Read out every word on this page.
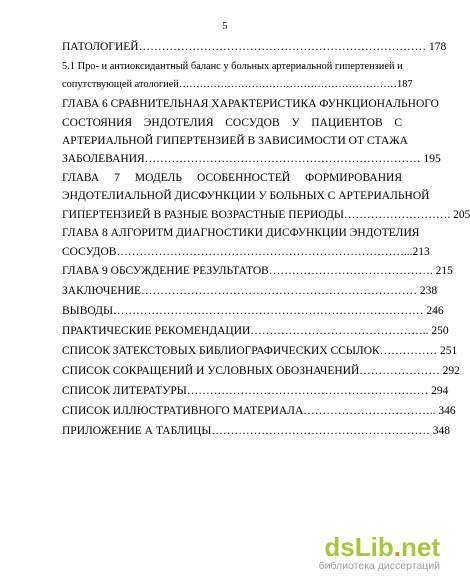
5
ПАТОЛОГИЕЙ………………………………………………………………… 178
5.1 Про- и антиоксидантный баланс у больных артериальной гипертензией и
сопутствующей атологией………………………………………………………187
ГЛАВА 6 СРАВНИТЕЛЬНАЯ ХАРАКТЕРИСТИКА ФУНКЦИОНАЛЬНОГО
СОСТОЯНИЯ ЭНДОТЕЛИЯ СОСУДОВ У ПАЦИЕНТОВ С
АРТЕРИАЛЬНОЙ ГИПЕРТЕНЗИЕЙ В ЗАВИСИМОСТИ ОТ СТАЖА
ЗАБОЛЕВАНИЯ……………………………………………………………… 195
ГЛАВА 7 МОДЕЛЬ ОСОБЕННОСТЕЙ ФОРМИРОВАНИЯ
ЭНДОТЕЛИАЛЬНОЙ ДИСФУНКЦИИ У БОЛЬНЫХ С АРТЕРИАЛЬНОЙ
ГИПЕРТЕНЗИЕЙ В РАЗНЫЕ ВОЗРАСТНЫЕ ПЕРИОДЫ………………………. 205
ГЛАВА 8 АЛГОРИТМ ДИАГНОСТИКИ ДИСФУНКЦИИ ЭНДОТЕЛИЯ
СОСУДОВ…………………………………………………………………...213
ГЛАВА 9 ОБСУЖДЕНИЕ РЕЗУЛЬТАТОВ……………………………………. 215
ЗАКЛЮЧЕНИЕ……………………………………………………………… 238
ВЫВОДЫ……………………………………………………………………… 246
ПРАКТИЧЕСКИЕ РЕКОМЕНДАЦИИ……………………………………….. 250
СПИСОК ЗАТЕКСТОВЫХ БИБЛИОГРАФИЧЕСКИХ ССЫЛОК…………… 251
СПИСОК СОКРАЩЕНИЙ И УСЛОВНЫХ ОБОЗНАЧЕНИЙ………………… 292
СПИСОК ЛИТЕРАТУРЫ……………………………………………………… 294
СПИСОК ИЛЛЮСТРАТИВНОГО МАТЕРИАЛА…………………………….. 346
ПРИЛОЖЕНИЕ А ТАБЛИЦЫ………………………………………………… 348
dsLib.net
библиотека диссертаций
